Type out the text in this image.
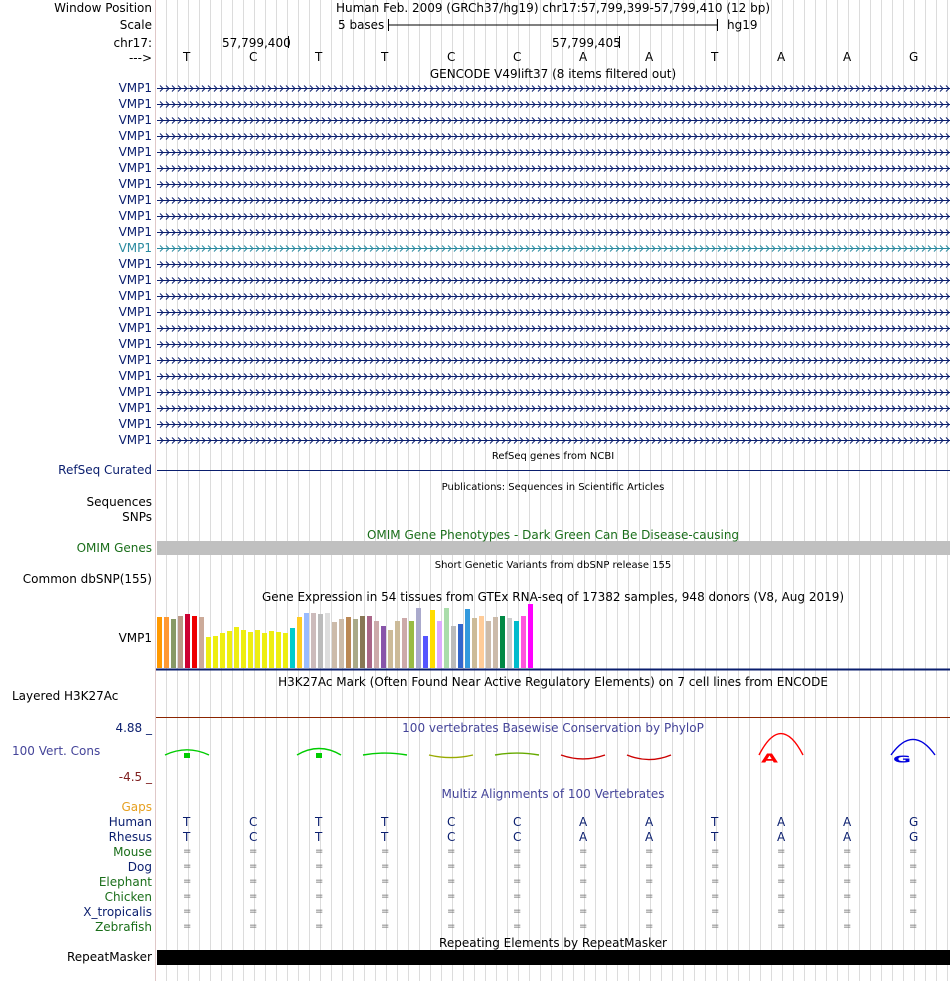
Window Position	Human Feb. 2009 (GRCh37/hg19) chr17:57,799,399-57,799,410 (12 bp)
Scale	5 bases	hg19
chr17:	57,799,400	57,799,405
--->
GENCODE V49lift37 (8 items filtered out)
RefSeq genes from NCBI
RefSeq Curated
Publications: Sequences in Scientific Articles
Sequences
SNPs
OMIM Gene Phenotypes - Dark Green Can Be Disease-causing
OMIM Genes
Short Genetic Variants from dbSNP release 155
Common dbSNP(155)
Gene Expression in 54 tissues from GTEx RNA-seq of 17382 samples, 948 donors (V8, Aug 2019)
VMP1
H3K27Ac Mark (Often Found Near Active Regulatory Elements) on 7 cell lines from ENCODE
Layered H3K27Ac
100 vertebrates Basewise Conservation by PhyloP
4.88 _
100 Vert. Cons
-4.5 _
Gaps
Multiz Alignments of 100 Vertebrates
Repeating Elements by RepeatMasker
RepeatMasker
T	C	T	T	C	C	A	A	T	A	A	G
VMP1
VMP1
VMP1
VMP1
VMP1
VMP1
VMP1
VMP1
VMP1
VMP1
VMP1
VMP1
VMP1
VMP1
VMP1
VMP1
VMP1
VMP1
VMP1
VMP1
VMP1
VMP1
VMP1
A	G
Human	T	C	T	T	C	C	A	A	T	A	A	G
Rhesus	T	C	T	T	C	C	A	A	T	A	A	G
Mouse	=	=	=	=	=	=	=	=	=	=	=	=
Dog	=	=	=	=	=	=	=	=	=	=	=	=
Elephant	=	=	=	=	=	=	=	=	=	=	=	=
Chicken	=	=	=	=	=	=	=	=	=	=	=	=
X_tropicalis	=	=	=	=	=	=	=	=	=	=	=	=
Zebrafish	=	=	=	=	=	=	=	=	=	=	=	=
